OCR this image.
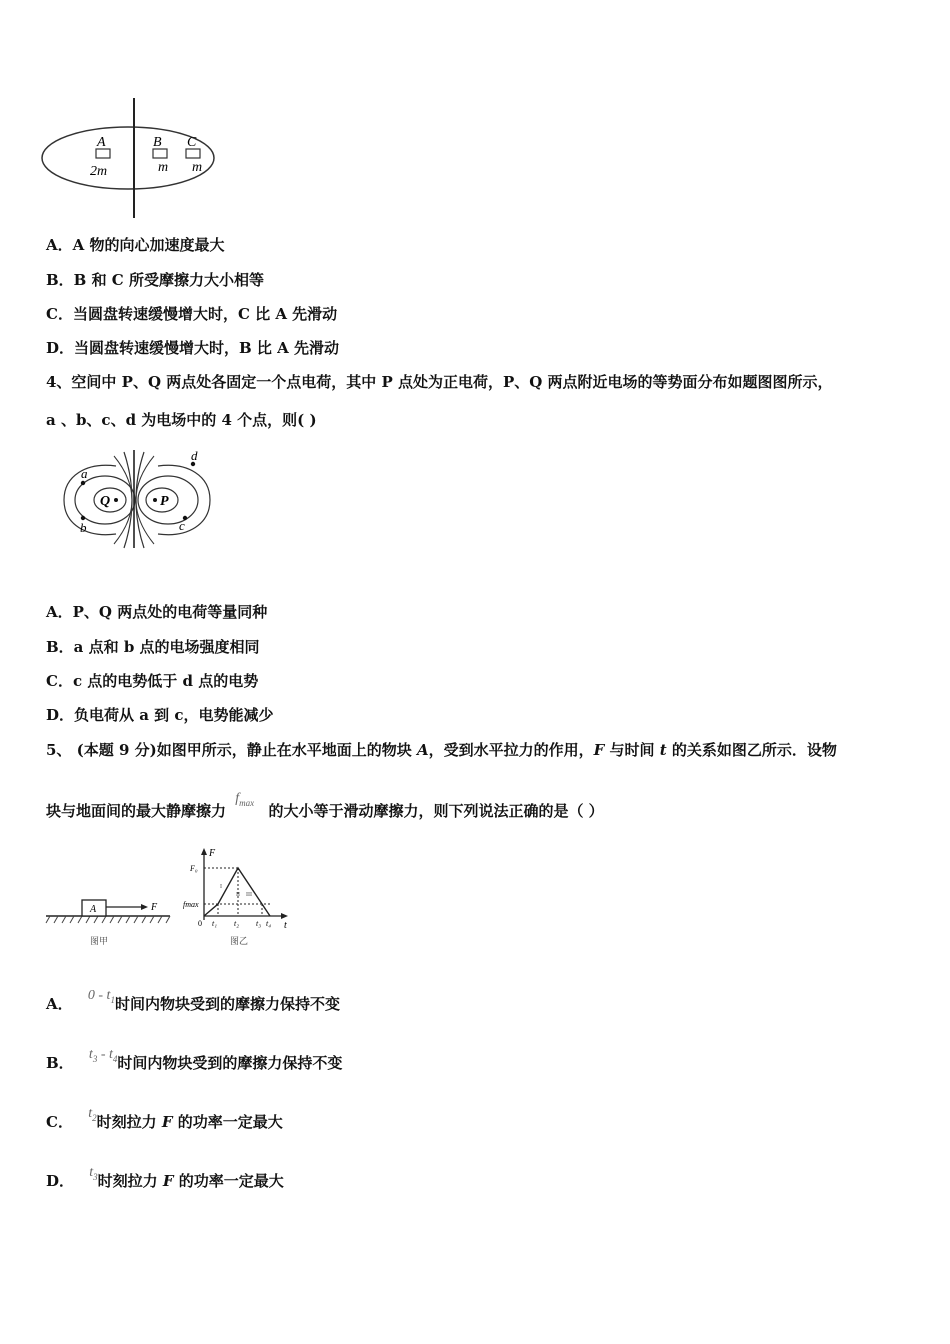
A	B C
2m	m m
A．A 物的向心加速度最大
B．B 和 C 所受摩擦力大小相等
C．当圆盘转速缓慢增大时，C 比 A 先滑动
D．当圆盘转速缓慢增大时，B 比 A 先滑动
4、空间中 P、Q 两点处各固定一个点电荷，其中 P 点处为正电荷，P、Q 两点附近电场的等势面分布如题图图所示，
a 、b、c、d 为电场中的 4 个点，则( )
Q	P
a
b	c
d
A．P、Q 两点处的电荷等量同种
B．a 点和 b 点的电场强度相同
C．c 点的电势低于 d 点的电势
D．负电荷从 a 到 c，电势能减少
5、 (本题 9 分)如图甲所示，静止在水平地面上的物块 A，受到水平拉力的作用，F 与时间 t 的关系如图乙所示．设物
块与地面间的最大静摩擦力
$f_{max}$ 的大小等于滑动摩擦力，则下列说法正确的是（ ）
A	F
图甲
F
t
F₀
fmax
0 t₁ t₂ t₃ t₄
I
II III
图乙
A． $0 - t_1$时间内物块受到的摩擦力保持不变
B． $t_3 - t_4$时间内物块受到的摩擦力保持不变
C． $t_2$时刻拉力 F 的功率一定最大
D． $t_3$时刻拉力 F 的功率一定最大
